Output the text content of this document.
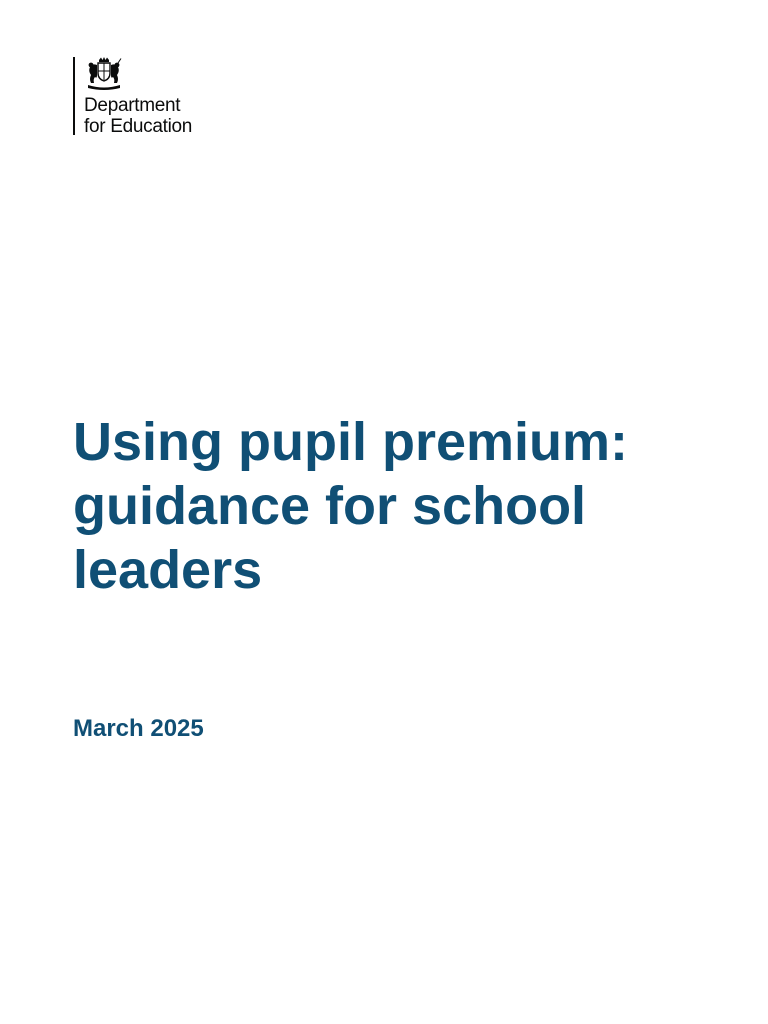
Department
for Education
Using pupil premium: guidance for school leaders

March 2025
